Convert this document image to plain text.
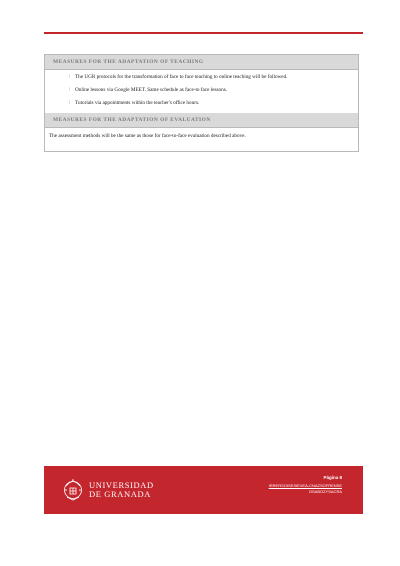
MEASURES FOR THE ADAPTATION OF TEACHING
⁞ The UGR protocols for the transformation of face to face teaching to online teaching will be followed.
⁞ Online lessons via Google MEET. Same schedule as face-to face lessons.
⁞ Tutorials via appointments within the teacher's office hours.
MEASURES FOR THE ADAPTATION OF EVALUATION
The assessment methods will be the same as those for face-to-face evaluation described above.
UNIVERSIDAD
DE GRANADA
Página 8
IRRERSOISESIEVEA-CNAZSOFRENSE
OSABOZYSACRA
